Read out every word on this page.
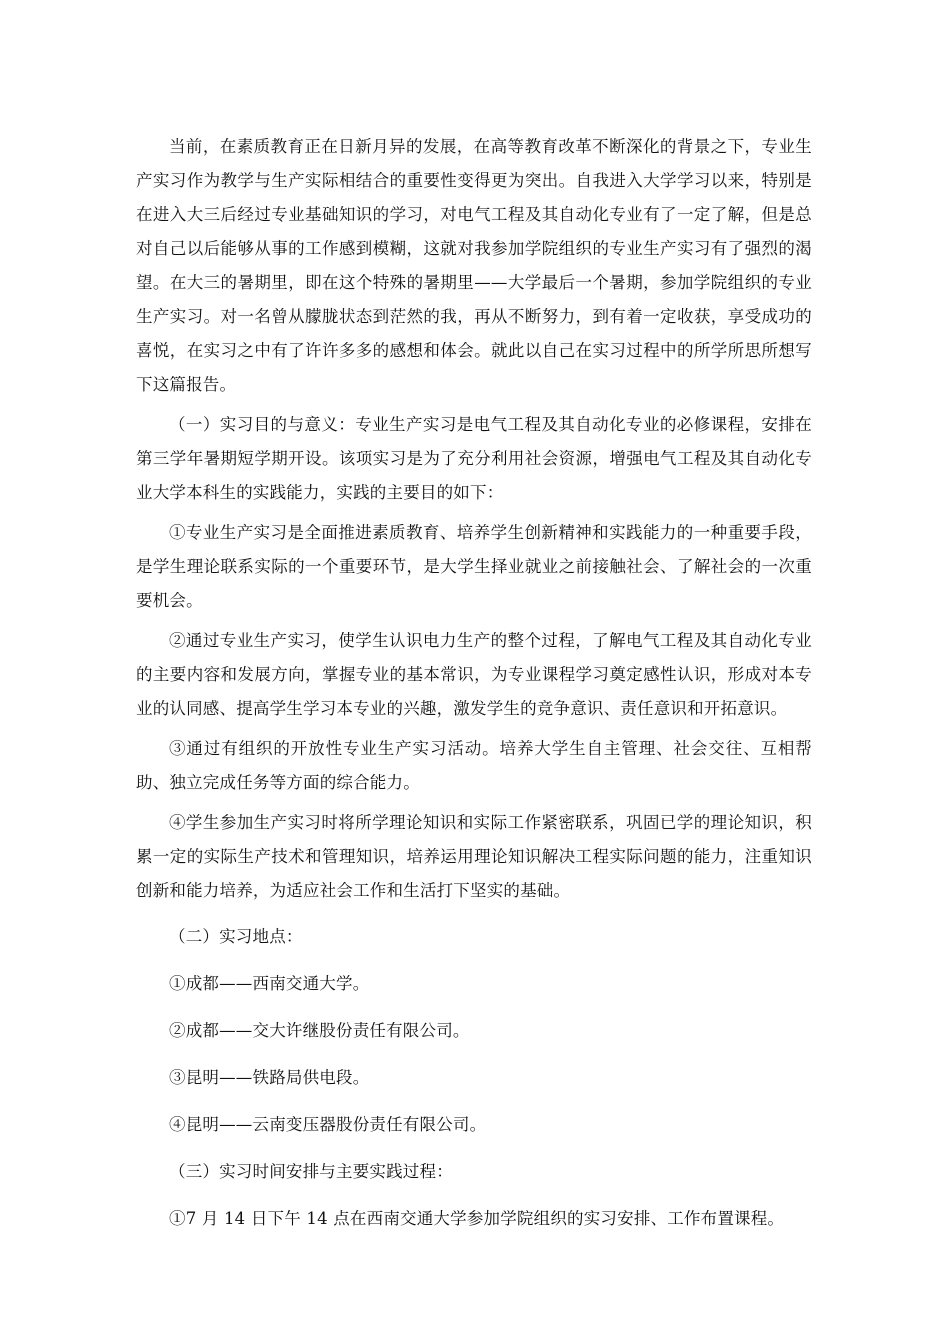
当前，在素质教育正在日新月异的发展，在高等教育改革不断深化的背景之下，专业生产实习作为教学与生产实际相结合的重要性变得更为突出。自我进入大学学习以来，特别是在进入大三后经过专业基础知识的学习，对电气工程及其自动化专业有了一定了解，但是总对自己以后能够从事的工作感到模糊，这就对我参加学院组织的专业生产实习有了强烈的渴望。在大三的暑期里，即在这个特殊的暑期里——大学最后一个暑期，参加学院组织的专业生产实习。对一名曾从朦胧状态到茫然的我，再从不断努力，到有着一定收获，享受成功的喜悦，在实习之中有了许许多多的感想和体会。就此以自己在实习过程中的所学所思所想写下这篇报告。

（一）实习目的与意义：专业生产实习是电气工程及其自动化专业的必修课程，安排在第三学年暑期短学期开设。该项实习是为了充分利用社会资源，增强电气工程及其自动化专业大学本科生的实践能力，实践的主要目的如下：

①专业生产实习是全面推进素质教育、培养学生创新精神和实践能力的一种重要手段，是学生理论联系实际的一个重要环节，是大学生择业就业之前接触社会、了解社会的一次重要机会。

②通过专业生产实习，使学生认识电力生产的整个过程，了解电气工程及其自动化专业的主要内容和发展方向，掌握专业的基本常识，为专业课程学习奠定感性认识，形成对本专业的认同感、提高学生学习本专业的兴趣，激发学生的竞争意识、责任意识和开拓意识。

③通过有组织的开放性专业生产实习活动。培养大学生自主管理、社会交往、互相帮助、独立完成任务等方面的综合能力。

④学生参加生产实习时将所学理论知识和实际工作紧密联系，巩固已学的理论知识，积累一定的实际生产技术和管理知识，培养运用理论知识解决工程实际问题的能力，注重知识创新和能力培养，为适应社会工作和生活打下坚实的基础。

（二）实习地点：

①成都——西南交通大学。

②成都——交大许继股份责任有限公司。

③昆明——铁路局供电段。

④昆明——云南变压器股份责任有限公司。

（三）实习时间安排与主要实践过程：

①7 月 14 日下午 14 点在西南交通大学参加学院组织的实习安排、工作布置课程。
